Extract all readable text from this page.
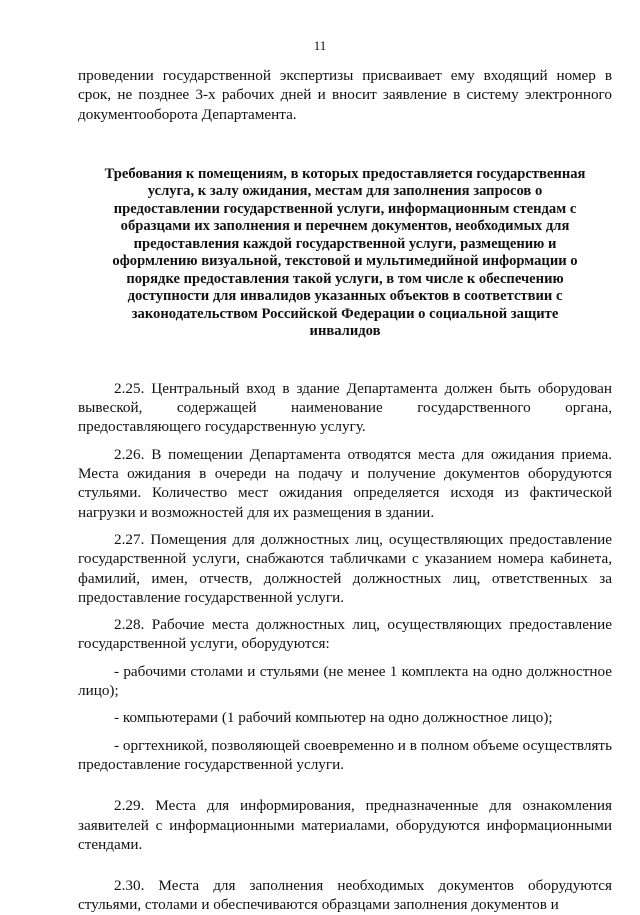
11

проведении государственной экспертизы присваивает ему входящий номер в срок, не позднее 3-х рабочих дней и вносит заявление в систему электронного документооборота Департамента.

Требования к помещениям, в которых предоставляется государственная услуга, к залу ожидания, местам для заполнения запросов о предоставлении государственной услуги, информационным стендам с образцами их заполнения и перечнем документов, необходимых для предоставления каждой государственной услуги, размещению и оформлению визуальной, текстовой и мультимедийной информации о порядке предоставления такой услуги, в том числе к обеспечению доступности для инвалидов указанных объектов в соответствии с законодательством Российской Федерации о социальной защите инвалидов

2.25. Центральный вход в здание Департамента должен быть оборудован вывеской, содержащей наименование государственного органа, предоставляющего государственную услугу.

2.26. В помещении Департамента отводятся места для ожидания приема. Места ожидания в очереди на подачу и получение документов оборудуются стульями. Количество мест ожидания определяется исходя из фактической нагрузки и возможностей для их размещения в здании.

2.27. Помещения для должностных лиц, осуществляющих предоставление государственной услуги, снабжаются табличками с указанием номера кабинета, фамилий, имен, отчеств, должностей должностных лиц, ответственных за предоставление государственной услуги.

2.28. Рабочие места должностных лиц, осуществляющих предоставление государственной услуги, оборудуются:

- рабочими столами и стульями (не менее 1 комплекта на одно должностное лицо);

- компьютерами (1 рабочий компьютер на одно должностное лицо);

- оргтехникой, позволяющей своевременно и в полном объеме осуществлять предоставление государственной услуги.

2.29. Места для информирования, предназначенные для ознакомления заявителей с информационными материалами, оборудуются информационными стендами.

2.30. Места для заполнения необходимых документов оборудуются стульями, столами и обеспечиваются образцами заполнения документов и
